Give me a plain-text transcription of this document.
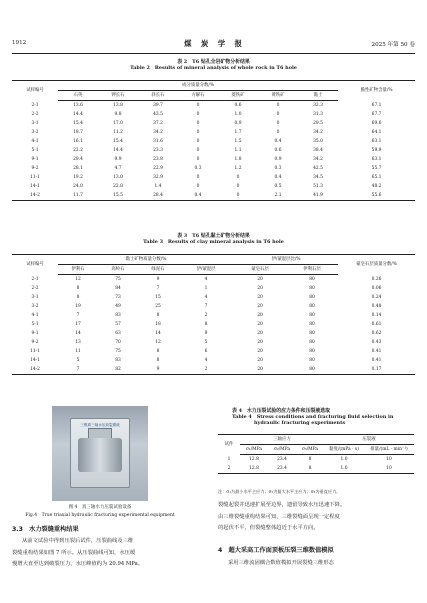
1912	煤　炭　学　报	2025 年第 50 卷
表 2　T6 钻孔全岩矿物分析结果
Table 2　Results of mineral analysis of whole rock in T6 hole
试样编号	成分质量分数/%							脆性矿物含量/%
	石英	钾长石	斜长石	方解石	菱铁矿	黄铁矿	黏土	
2-1	13.6	13.8	39.7	0	0.6	0	32.3	67.1
2-2	14.4	9.8	43.5	0	1.0	0	31.3	67.7
3-1	15.4	17.0	37.2	0	0.9	0	29.5	69.6
3-2	18.7	11.2	34.2	0	1.7	0	34.2	64.1
4-1	16.1	15.4	31.6	0	1.5	0.4	35.0	63.1
5-1	22.2	14.4	23.3	0	1.1	0.6	38.4	59.9
9-1	29.4	9.9	23.8	0	1.8	0.9	34.2	63.1
9-2	28.1	4.7	22.9	0.3	1.2	0.3	42.5	55.7
11-1	19.2	13.0	32.9	0	0	0.4	34.5	65.1
14-1	24.0	22.8	1.4	0	0	0.5	51.3	48.2
14-2	11.7	15.5	28.4	0.4	0	2.1	41.9	55.6
表 3　T6 钻孔黏土矿物分析结果
Table 3　Results of clay mineral analysis in T6 hole
试样编号	黏土矿物质量分数/%				伊/蒙混层比/%		蒙皂石层质量分数/%
	伊利石	高岭石	绿泥石	伊/蒙混层	蒙皂石层	伊利石层	
2-1	12	75	9	4	20	80	0.26
2-2	8	84	7	1	20	80	0.06
3-1	8	73	15	4	20	80	0.24
3-2	19	49	25	7	20	80	0.48
4-1	7	83	8	2	20	80	0.14
5-1	17	57	18	8	20	80	0.61
9-1	14	63	14	9	20	80	0.62
9-2	13	70	12	5	20	80	0.43
11-1	11	75	8	6	20	80	0.41
14-1	5	83	8	4	20	80	0.41
14-2	7	82	9	2	20	80	0.17
三维真三轴水压致裂系统
图 4　真三轴水力压裂试验设备
Fig.4　True triaxial hydraulic fracturing experimental equipment
3.3　水力裂缝重构结果
从前文试验中得到压裂后试件，压裂曲线及三维
裂缝重构结果如图 7 所示。从压裂曲线可知，水压缓
慢增大直至达到破裂压力，水压峰值约为 20.94 MPa。
表 4　水力压裂试验的应力条件和压裂液选取
Table 4　Stress conditions and fracturing fluid selection in
hydraulic fracturing experiments
试件	三轴应力			压裂液	
	σ₁/MPa	σ₂/MPa	σ₃/MPa	黏度/(mPa · s)	排量/(mL · min⁻¹)
1	12.8	23.4	8	1.0	10
2	12.8	23.4	8	1.0	10
注：σ₁为最小水平主应力；σ₂为最大水平主应力；σ₃为垂直应力。
裂缝起裂并迅速扩展至边界，遗留导致水压迅速下降。
由三维裂缝重构结果可知，三维裂缝面呈现一定程度
的起伏不平，但裂缝整体趋近于水平方向。
4　超大采高工作面顶板压裂三维数值模拟
采用三维流固耦合数值模拟开展裂缝三维形态
